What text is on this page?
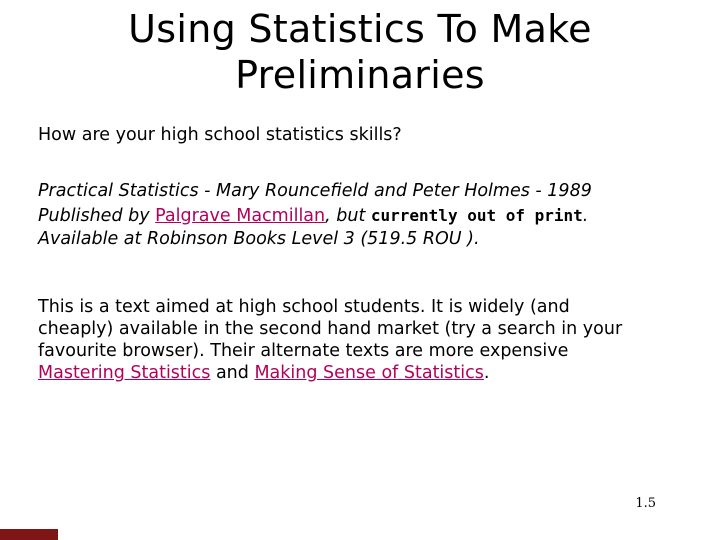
Using Statistics To Make
Preliminaries
How are your high school statistics skills?
Practical Statistics - Mary Rouncefield and Peter Holmes - 1989
Published by Palgrave Macmillan, but currently out of print.
Available at Robinson Books Level 3 (519.5 ROU ).
This is a text aimed at high school students. It is widely (and
cheaply) available in the second hand market (try a search in your
favourite browser). Their alternate texts are more expensive
Mastering Statistics and Making Sense of Statistics.
1.5
